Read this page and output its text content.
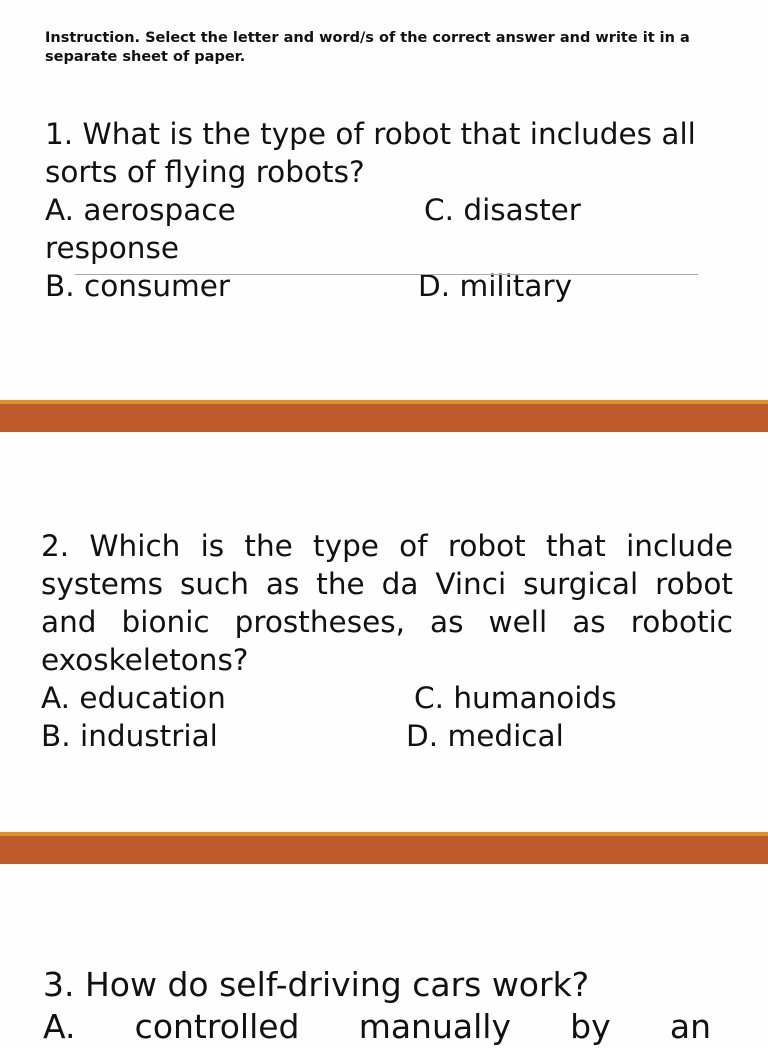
Instruction. Select the letter and word/s of the correct answer and write it in a separate sheet of paper.

1. What is the type of robot that includes all sorts of flying robots?
A. aerospace	C. disaster
response
B. consumer	D. military
2. Which is the type of robot that include systems such as the da Vinci surgical robot and bionic prostheses, as well as robotic exoskeletons?
A. education	C. humanoids
B. industrial	D. medical
3. How do self-driving cars work?
A. controlled manually by an
